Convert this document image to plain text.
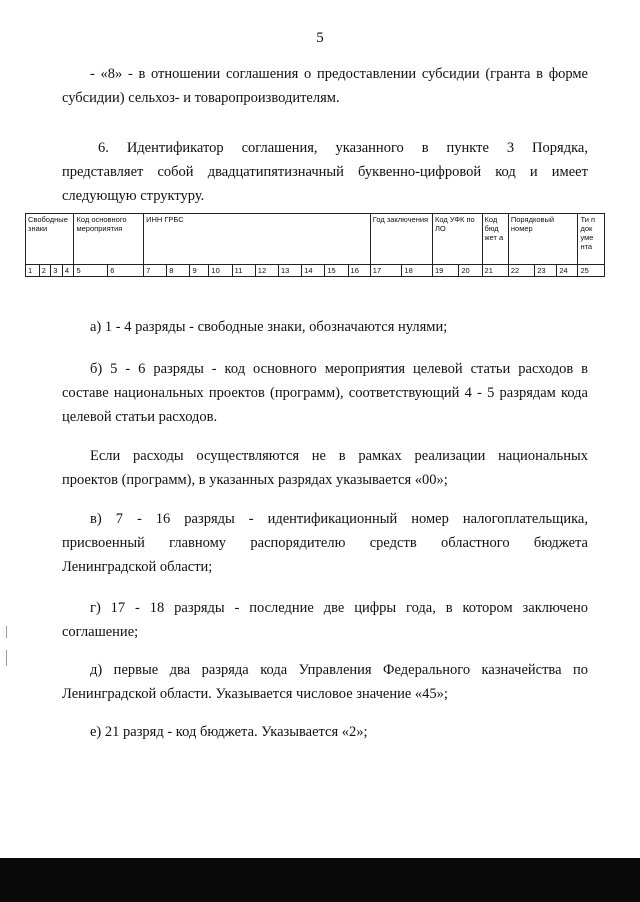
5
- «8» - в отношении соглашения о предоставлении субсидии (гранта в форме
субсидии) сельхоз- и товаропроизводителям.
6. Идентификатор соглашения, указанного в пункте 3 Порядка,
представляет собой двадцатипятизначный буквенно-цифровой код и имеет
следующую структуру.
Свободные знаки				Код основного мероприятия		ИНН ГРБС										Год заключения		Код УФК по ЛО		Код бюд жет а	Порядковый номер			Ти п док уме нта
1	2	3	4	5	6	7	8	9	10	11	12	13	14	15	16	17	18	19	20	21	22	23	24	25
а) 1 - 4 разряды - свободные знаки, обозначаются нулями;
б) 5 - 6 разряды - код основного мероприятия целевой статьи расходов в
составе национальных проектов (программ), соответствующий 4 - 5 разрядам кода
целевой статьи расходов.
Если расходы осуществляются не в рамках реализации национальных
проектов (программ), в указанных разрядах указывается «00»;
в) 7 - 16 разряды - идентификационный номер налогоплательщика,
присвоенный главному распорядителю средств областного бюджета
Ленинградской области;
г) 17 - 18 разряды - последние две цифры года, в котором заключено
соглашение;
д) первые два разряда кода Управления Федерального казначейства по
Ленинградской области. Указывается числовое значение «45»;
е) 21 разряд - код бюджета. Указывается «2»;
